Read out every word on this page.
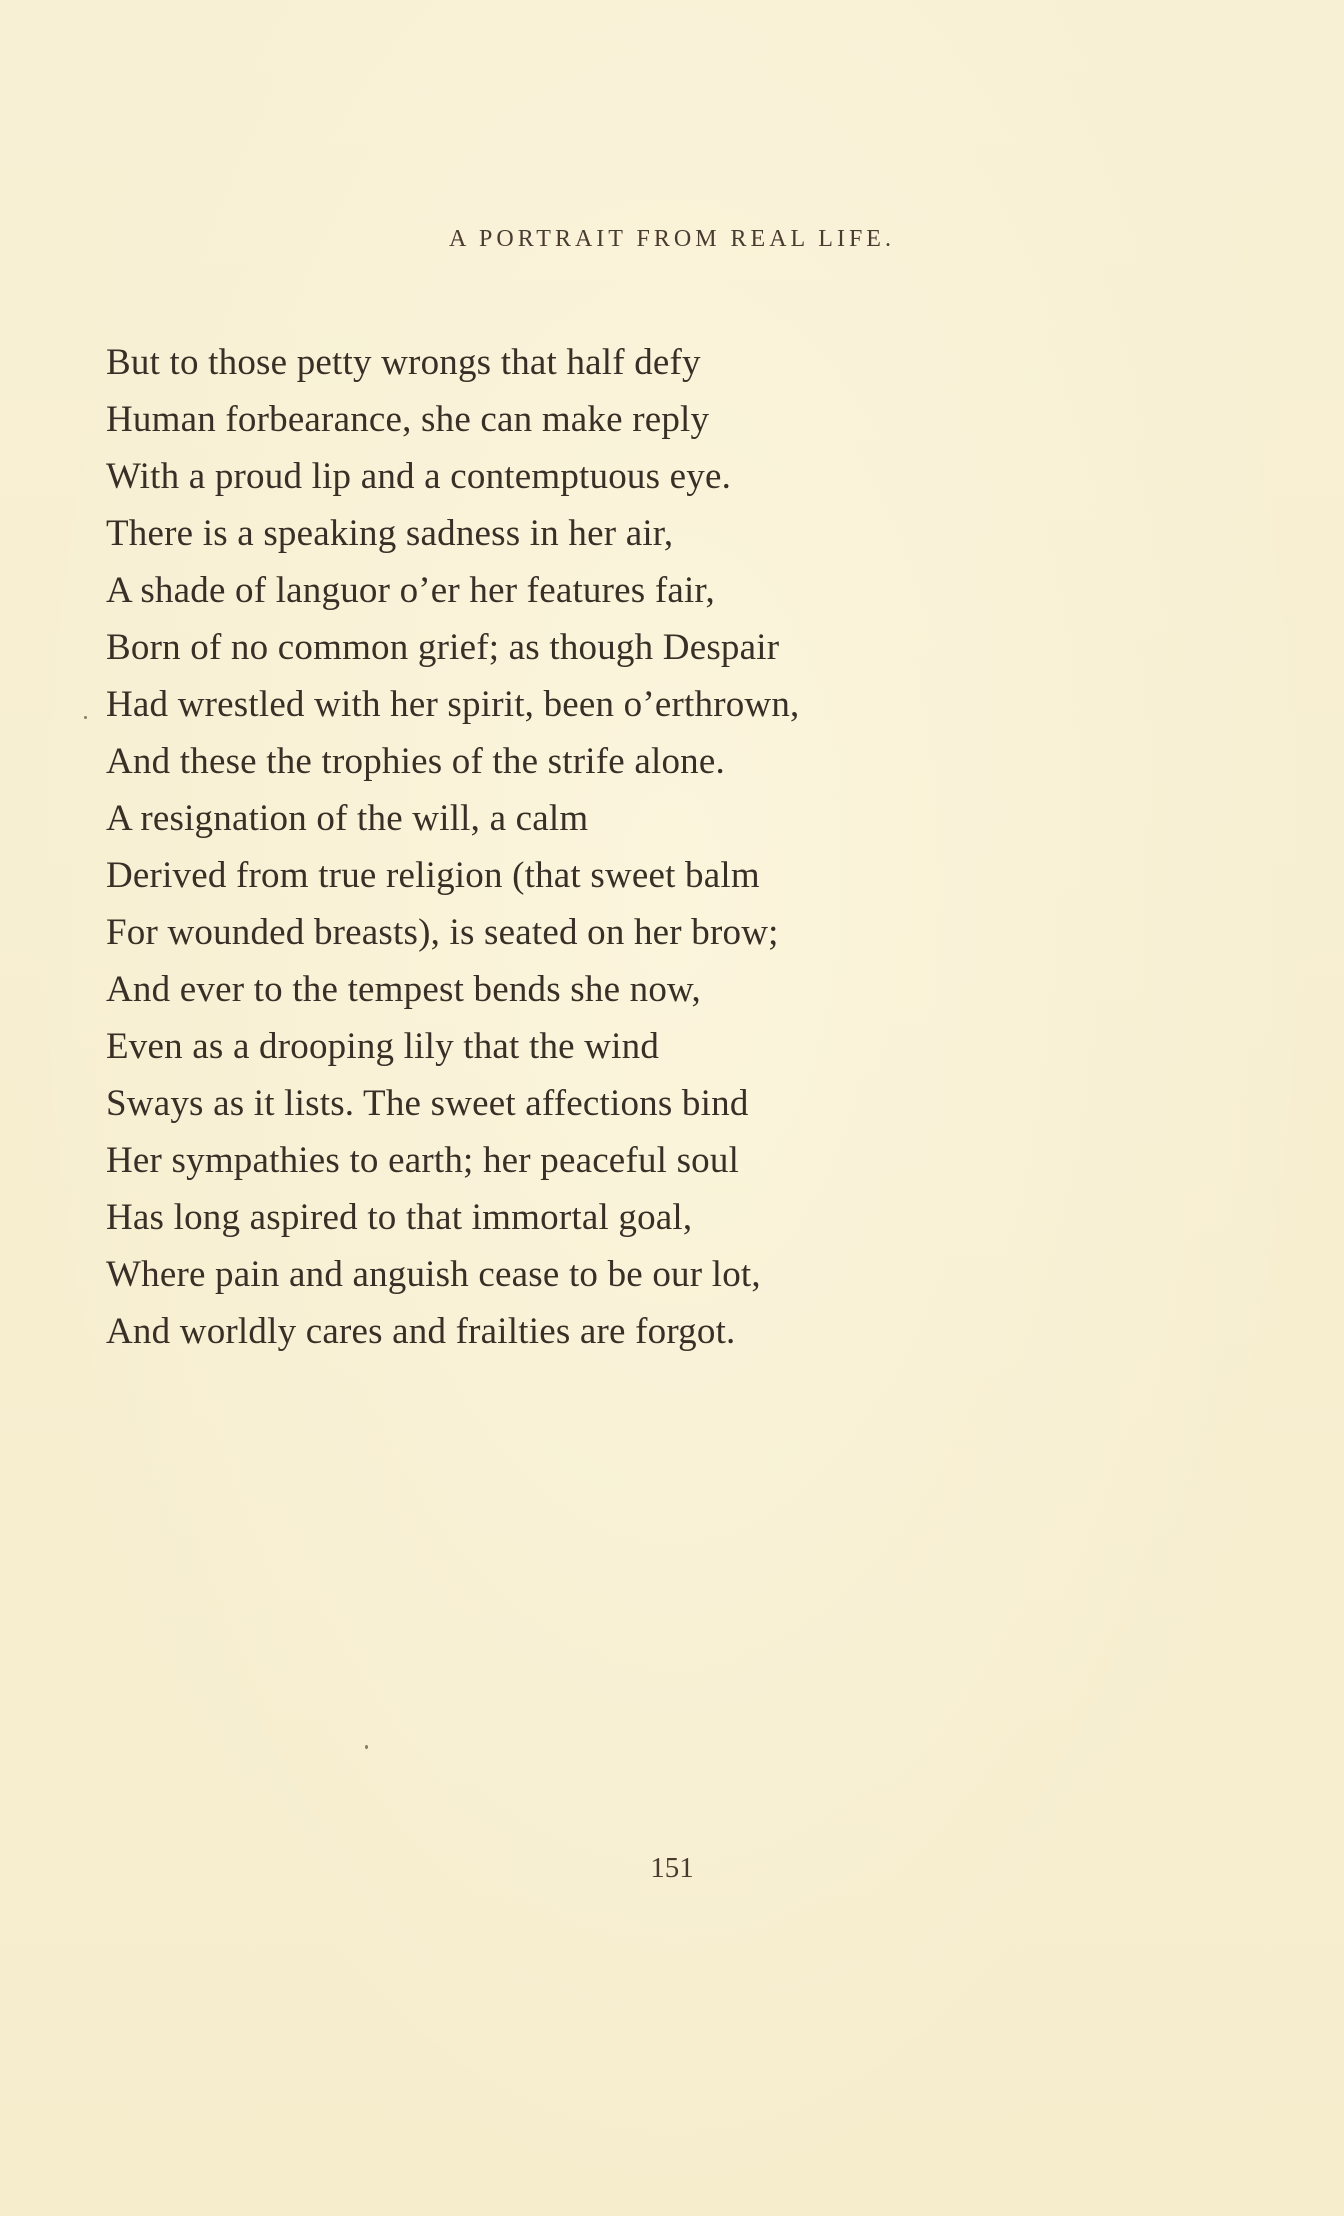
A PORTRAIT FROM REAL LIFE.
But to those petty wrongs that half defy
Human forbearance, she can make reply
With a proud lip and a contemptuous eye.
There is a speaking sadness in her air,
A shade of languor o’er her features fair,
Born of no common grief; as though Despair
Had wrestled with her spirit, been o’erthrown,
And these the trophies of the strife alone.
A resignation of the will, a calm
Derived from true religion (that sweet balm
For wounded breasts), is seated on her brow;
And ever to the tempest bends she now,
Even as a drooping lily that the wind
Sways as it lists. The sweet affections bind
Her sympathies to earth; her peaceful soul
Has long aspired to that immortal goal,
Where pain and anguish cease to be our lot,
And worldly cares and frailties are forgot.
151
